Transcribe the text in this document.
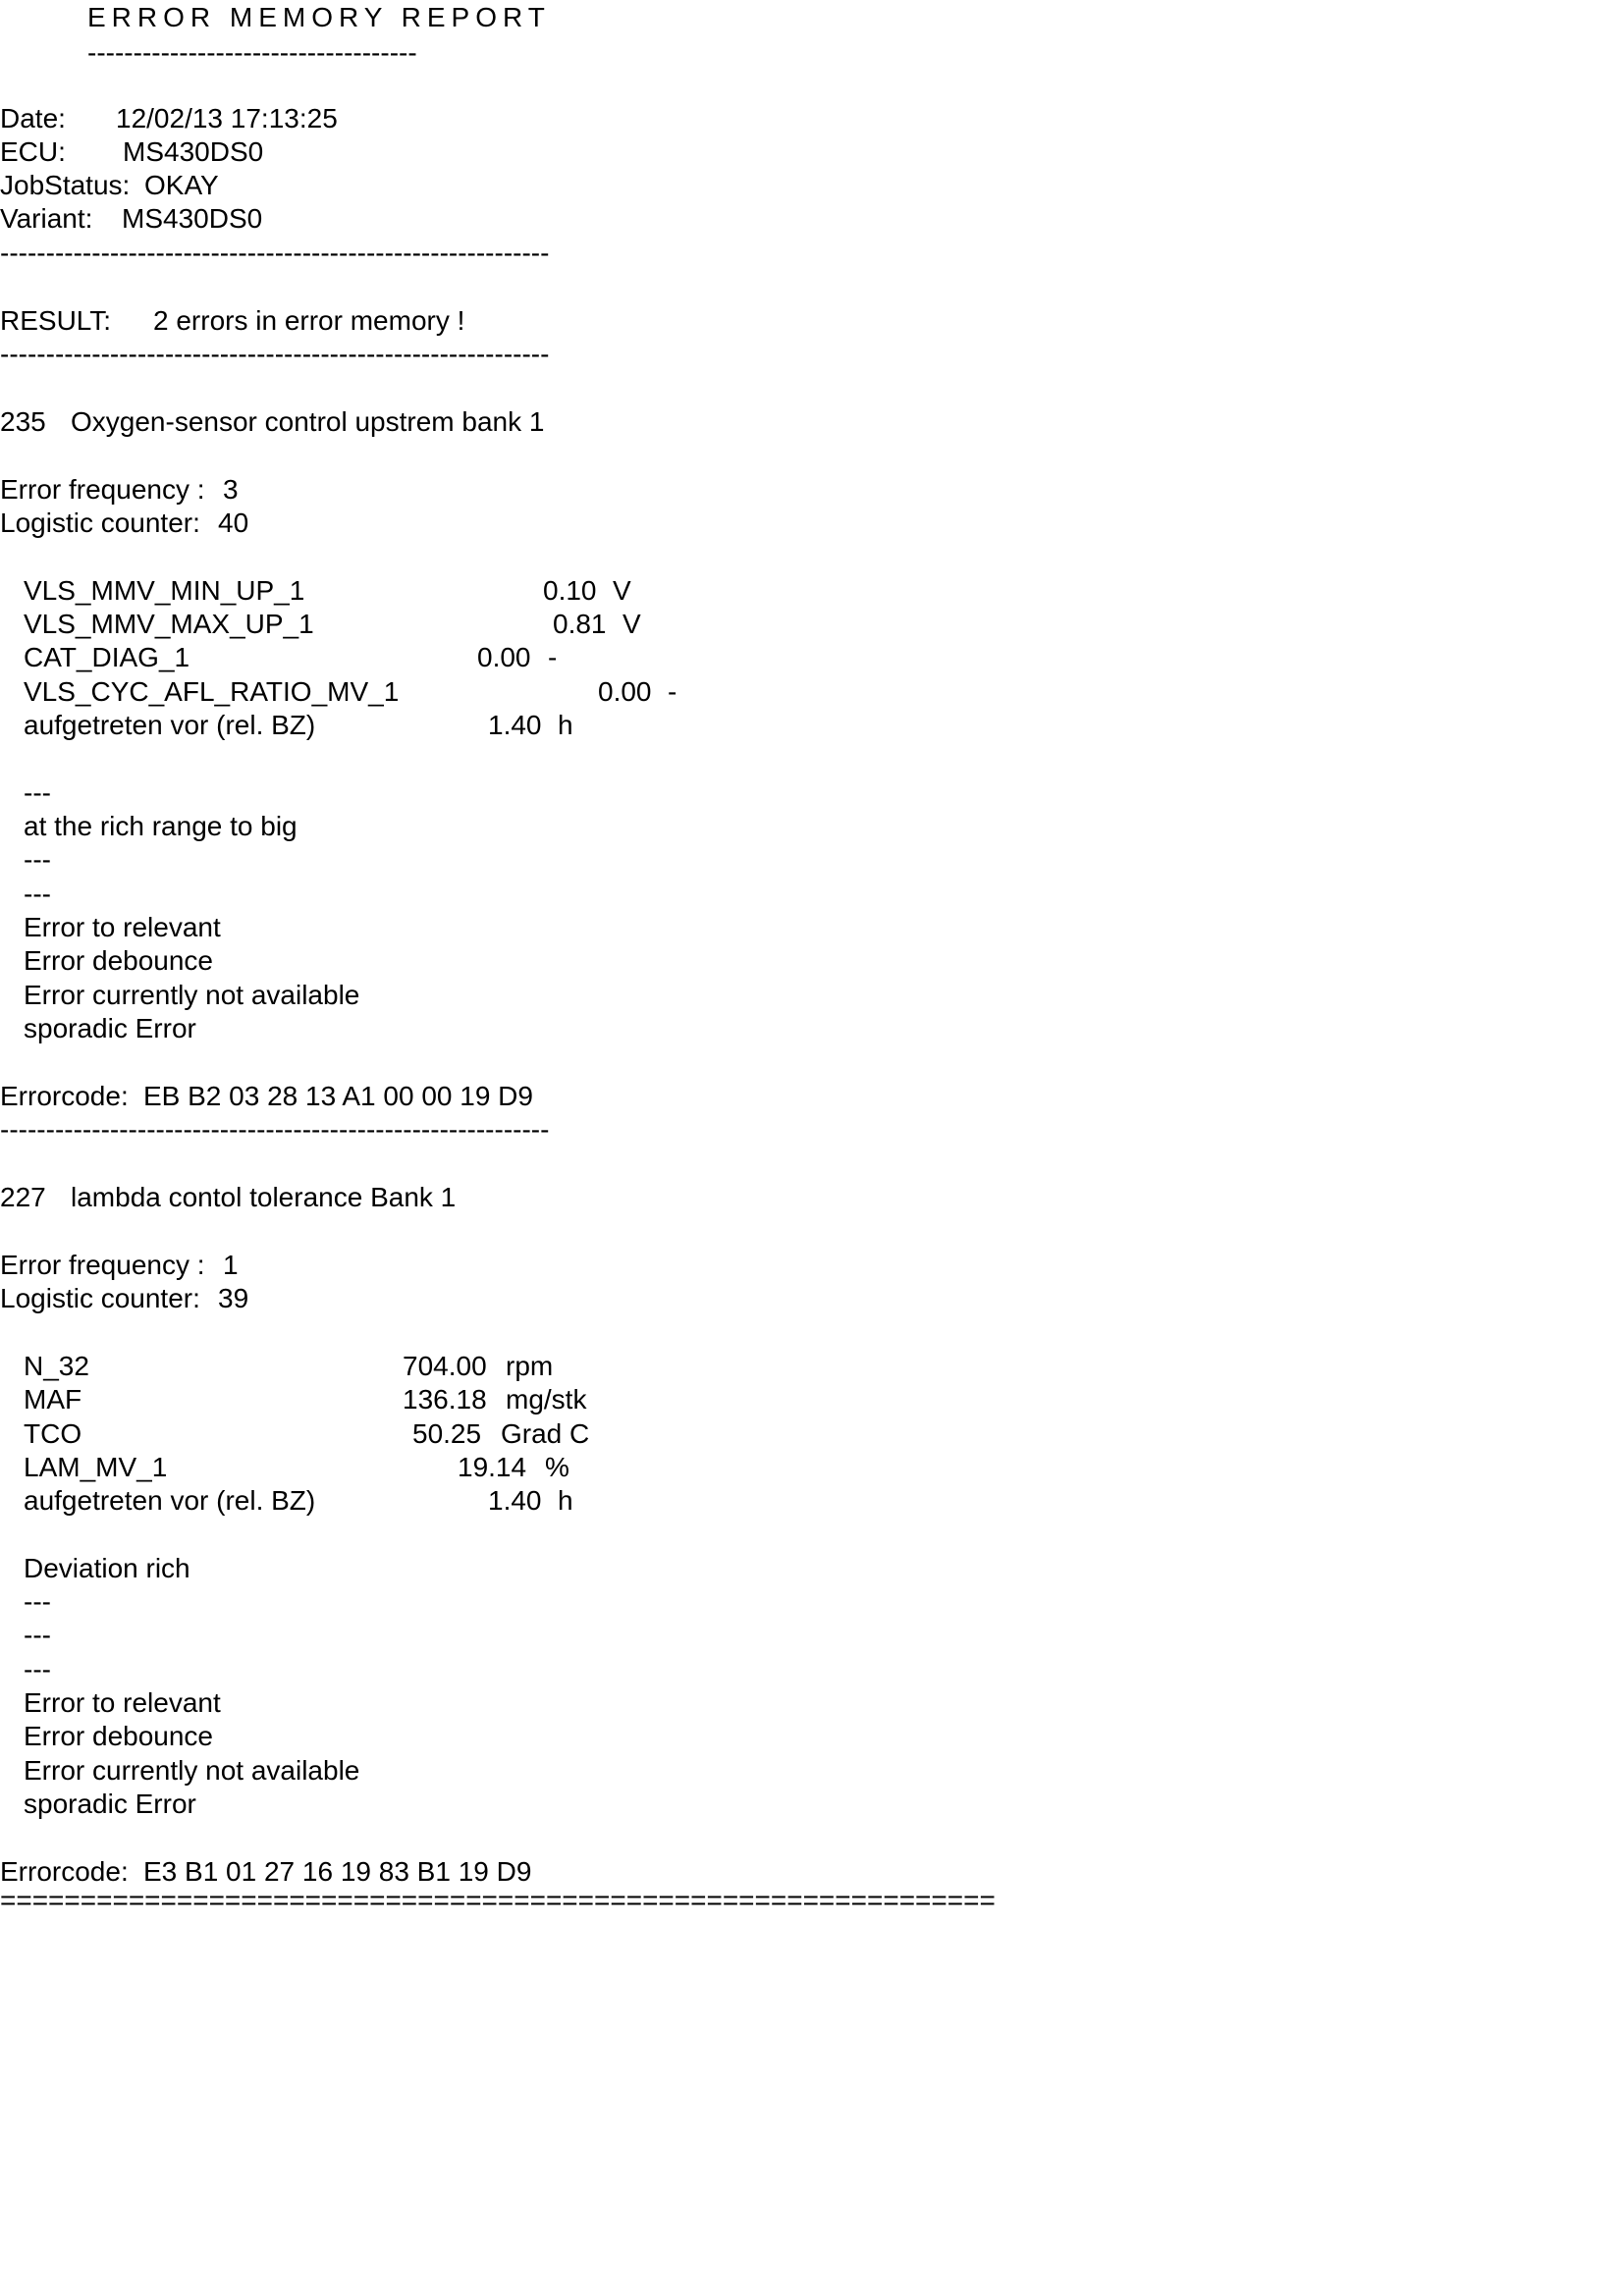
ERROR MEMORY REPORT
------------------------------------
Date: 12/02/13 17:13:25
ECU: MS430DS0
JobStatus: OKAY
Variant: MS430DS0
------------------------------------------------------------
RESULT: 2 errors in error memory !
------------------------------------------------------------
235 Oxygen-sensor control upstrem bank 1
Error frequency : 3
Logistic counter: 40
VLS_MMV_MIN_UP_1	0.10 V
VLS_MMV_MAX_UP_1	0.81 V
CAT_DIAG_1	0.00 -
VLS_CYC_AFL_RATIO_MV_1	0.00 -
aufgetreten vor (rel. BZ)	1.40 h
---
at the rich range to big
---
---
Error to relevant
Error debounce
Error currently not available
sporadic Error
Errorcode: EB B2 03 28 13 A1 00 00 19 D9
------------------------------------------------------------
227 lambda contol tolerance Bank 1
Error frequency : 1
Logistic counter: 39
N_32	704.00 rpm
MAF	136.18 mg/stk
TCO	50.25 Grad C
LAM_MV_1	19.14 %
aufgetreten vor (rel. BZ)	1.40 h
Deviation rich
---
---
---
Error to relevant
Error debounce
Error currently not available
sporadic Error
Errorcode: E3 B1 01 27 16 19 83 B1 19 D9
==============================================================
